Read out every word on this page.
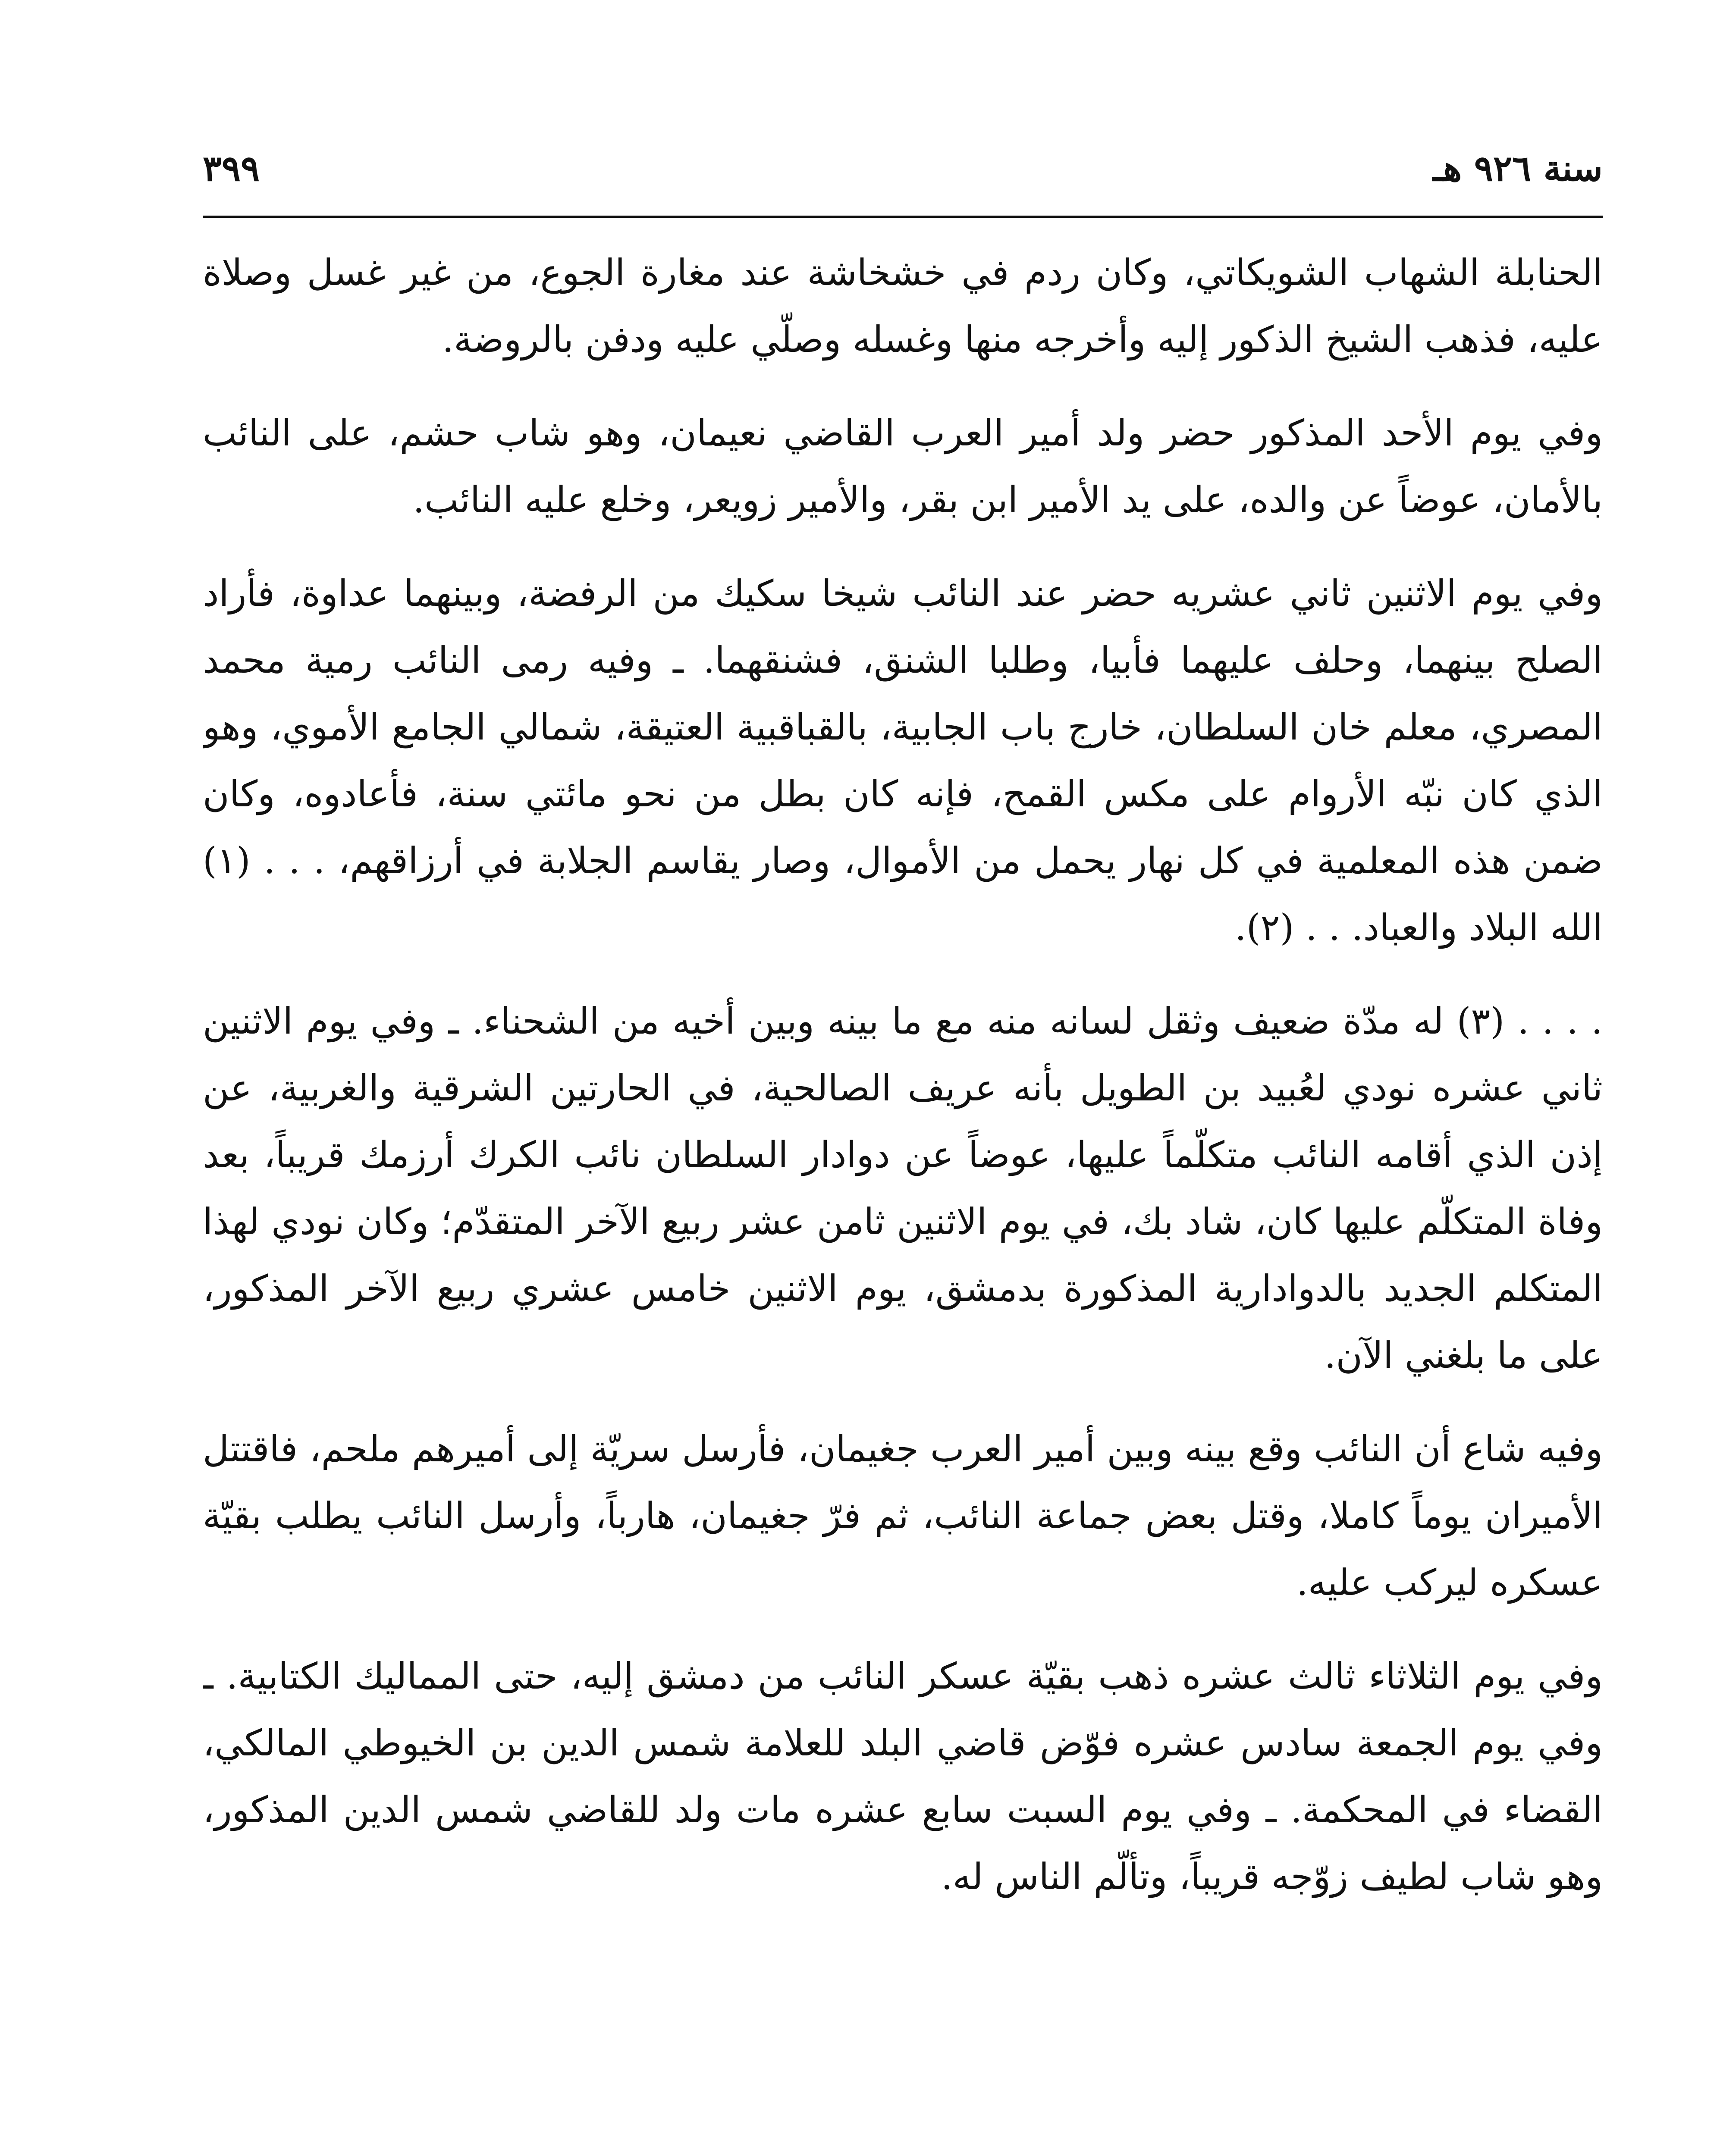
سنة ٩٢٦ هـ
٣٩٩

الحنابلة الشهاب الشويكاتي، وكان ردم في خشخاشة عند مغارة الجوع، من غير غسل وصلاة عليه، فذهب الشيخ الذكور إليه وأخرجه منها وغسله وصلّي عليه ودفن بالروضة.

وفي يوم الأحد المذكور حضر ولد أمير العرب القاضي نعيمان، وهو شاب حشم، على النائب بالأمان، عوضاً عن والده، على يد الأمير ابن بقر، والأمير زويعر، وخلع عليه النائب.

وفي يوم الاثنين ثاني عشريه حضر عند النائب شيخا سكيك من الرفضة، وبينهما عداوة، فأراد الصلح بينهما، وحلف عليهما فأبيا، وطلبا الشنق، فشنقهما. ـ وفيه رمى النائب رمية محمد المصري، معلم خان السلطان، خارج باب الجابية، بالقباقبية العتيقة، شمالي الجامع الأموي، وهو الذي كان نبّه الأروام على مكس القمح، فإنه كان بطل من نحو مائتي سنة، فأعادوه، وكان ضمن هذه المعلمية في كل نهار يحمل من الأموال، وصار يقاسم الجلابة في أرزاقهم، . . . (١) الله البلاد والعباد. . . (٢).

. . . . (٣) له مدّة ضعيف وثقل لسانه منه مع ما بينه وبين أخيه من الشحناء. ـ وفي يوم الاثنين ثاني عشره نودي لعُبيد بن الطويل بأنه عريف الصالحية، في الحارتين الشرقية والغربية، عن إذن الذي أقامه النائب متكلّماً عليها، عوضاً عن دوادار السلطان نائب الكرك أرزمك قريباً، بعد وفاة المتكلّم عليها كان، شاد بك، في يوم الاثنين ثامن عشر ربيع الآخر المتقدّم؛ وكان نودي لهذا المتكلم الجديد بالدوادارية المذكورة بدمشق، يوم الاثنين خامس عشري ربيع الآخر المذكور، على ما بلغني الآن.

وفيه شاع أن النائب وقع بينه وبين أمير العرب جغيمان، فأرسل سريّة إلى أميرهم ملحم، فاقتتل الأميران يوماً كاملا، وقتل بعض جماعة النائب، ثم فرّ جغيمان، هارباً، وأرسل النائب يطلب بقيّة عسكره ليركب عليه.

وفي يوم الثلاثاء ثالث عشره ذهب بقيّة عسكر النائب من دمشق إليه، حتى المماليك الكتابية. ـ وفي يوم الجمعة سادس عشره فوّض قاضي البلد للعلامة شمس الدين بن الخيوطي المالكي، القضاء في المحكمة. ـ وفي يوم السبت سابع عشره مات ولد للقاضي شمس الدين المذكور، وهو شاب لطيف زوّجه قريباً، وتألّم الناس له.
